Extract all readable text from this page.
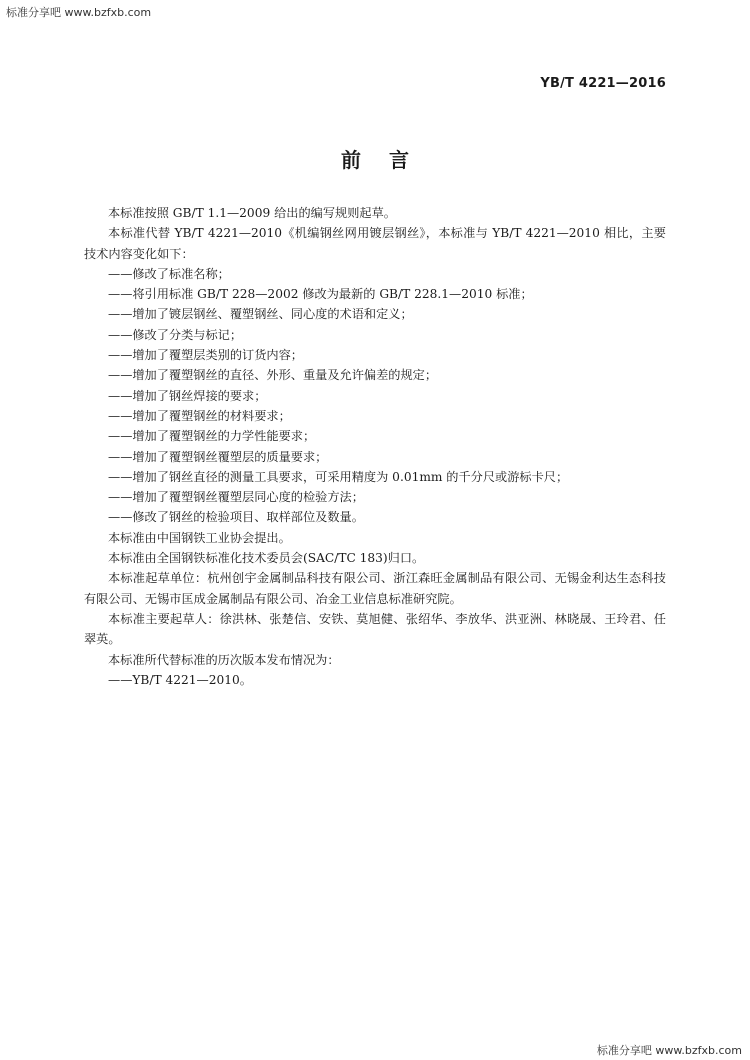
标准分享吧 www.bzfxb.com
YB/T 4221—2016
前言

本标准按照 GB/T 1.1—2009 给出的编写规则起草。

本标准代替 YB/T 4221—2010《机编钢丝网用镀层钢丝》，本标准与 YB/T 4221—2010 相比，主要技术内容变化如下：

——修改了标准名称；
——将引用标准 GB/T 228—2002 修改为最新的 GB/T 228.1—2010 标准；
——增加了镀层钢丝、覆塑钢丝、同心度的术语和定义；
——修改了分类与标记；
——增加了覆塑层类别的订货内容；
——增加了覆塑钢丝的直径、外形、重量及允许偏差的规定；
——增加了钢丝焊接的要求；
——增加了覆塑钢丝的材料要求；
——增加了覆塑钢丝的力学性能要求；
——增加了覆塑钢丝覆塑层的质量要求；
——增加了钢丝直径的测量工具要求，可采用精度为 0.01mm 的千分尺或游标卡尺；
——增加了覆塑钢丝覆塑层同心度的检验方法；
——修改了钢丝的检验项目、取样部位及数量。

本标准由中国钢铁工业协会提出。

本标准由全国钢铁标准化技术委员会(SAC/TC 183)归口。

本标准起草单位：杭州创宇金属制品科技有限公司、浙江森旺金属制品有限公司、无锡金利达生态科技有限公司、无锡市匡成金属制品有限公司、冶金工业信息标准研究院。

本标准主要起草人：徐洪林、张楚信、安铁、莫旭健、张绍华、李放华、洪亚洲、林晓晟、王玲君、任翠英。

本标准所代替标准的历次版本发布情况为：

——YB/T 4221—2010。
标准分享吧 www.bzfxb.com
